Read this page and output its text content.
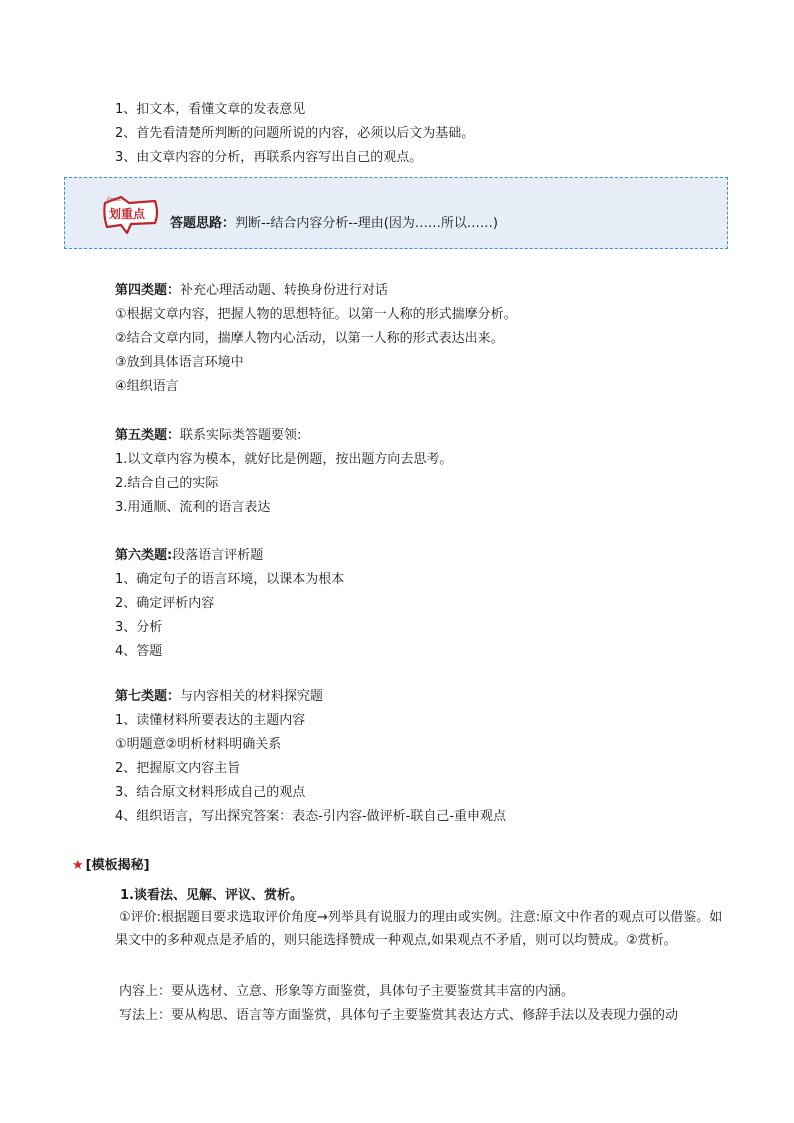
1、扣文本，看懂文章的发表意见
2、首先看清楚所判断的问题所说的内容，必须以后文为基础。
3、由文章内容的分析，再联系内容写出自己的观点。
Great
划重点
答题思路：判断--结合内容分析--理由(因为……所以……)
第四类题：补充心理活动题、转换身份进行对话
①根据文章内容，把握人物的思想特征。以第一人称的形式揣摩分析。
②结合文章内同，揣摩人物内心活动，以第一人称的形式表达出来。
③放到具体语言环境中
④组织语言
第五类题：联系实际类答题要领:
1.以文章内容为模本，就好比是例题，按出题方向去思考。
2.结合自己的实际
3.用通顺、流利的语言表达
第六类题:段落语言评析题
1、确定句子的语言环境，以课本为根本
2、确定评析内容
3、分析
4、答题
第七类题：与内容相关的材料探究题
1、读懂材料所要表达的主题内容
①明题意②明析材料明确关系
2、把握原文内容主旨
3、结合原文材料形成自己的观点
4、组织语言，写出探究答案：表态-引内容-做评析-联自己-重申观点
★ [模板揭秘]
1.谈看法、见解、评议、赏析。
①评价:根据题目要求选取评价角度→列举具有说服力的理由或实例。注意:原文中作者的观点可以借鉴。如果文中的多种观点是矛盾的，则只能选择赞成一种观点,如果观点不矛盾，则可以均赞成。②赏析。
内容上：要从选材、立意、形象等方面鉴赏，具体句子主要鉴赏其丰富的内涵。
写法上：要从构思、语言等方面鉴赏，具体句子主要鉴赏其表达方式、修辞手法以及表现力强的动
